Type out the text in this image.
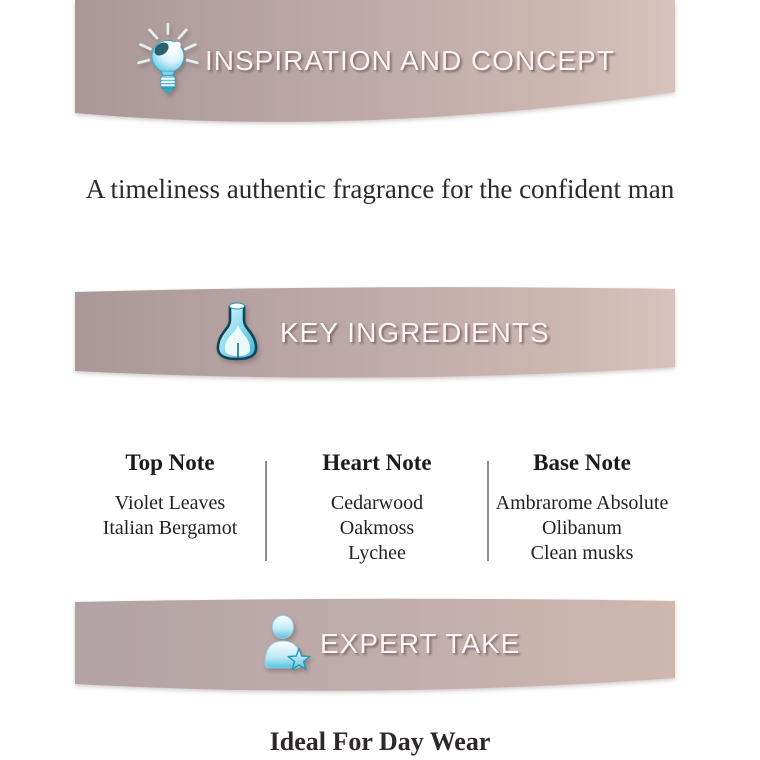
INSPIRATION AND CONCEPT

A timeliness authentic fragrance for the confident man

KEY INGREDIENTS
Top Note
Violet Leaves
Italian Bergamot
Heart Note
Cedarwood
Oakmoss
Lychee
Base Note
Ambrarome Absolute
Olibanum
Clean musks
EXPERT TAKE

Ideal For Day Wear
